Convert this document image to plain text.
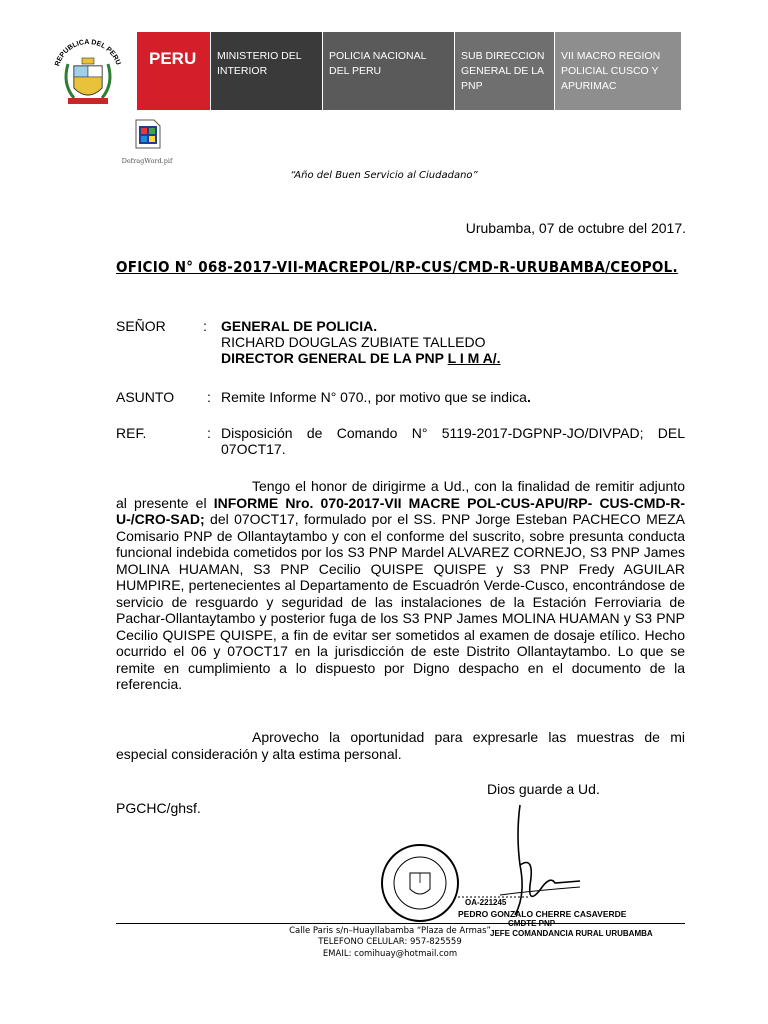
REPUBLICA DEL PERU	PERU	MINISTERIO DEL INTERIOR
POLICIA NACIONAL DEL PERU
SUB DIRECCION GENERAL DE LA PNP
VII MACRO REGION POLICIAL CUSCO Y APURIMAC
DefragWord.pif
“Año del Buen Servicio al Ciudadano”
Urubamba, 07 de octubre del 2017.
OFICIO N° 068-2017-VII-MACREPOL/RP-CUS/CMD-R-URUBAMBA/CEOPOL.
SEÑOR	: GENERAL DE POLICIA.
RICHARD DOUGLAS ZUBIATE TALLEDO
DIRECTOR GENERAL DE LA PNP L I M A/.
ASUNTO : Remite Informe N° 070., por motivo que se indica.
REF.	: Disposición de Comando N° 5119-2017-DGPNP-JO/DIVPAD; DEL 07OCT17.
Tengo el honor de dirigirme a Ud., con la finalidad de remitir adjunto al presente el INFORME Nro. 070-2017-VII MACRE POL-CUS-APU/RP- CUS-CMD-R-U-/CRO-SAD; del 07OCT17, formulado por el SS. PNP Jorge Esteban PACHECO MEZA Comisario PNP de Ollantaytambo y con el conforme del suscrito, sobre presunta conducta funcional indebida cometidos por los S3 PNP Mardel ALVAREZ CORNEJO, S3 PNP James MOLINA HUAMAN, S3 PNP Cecilio QUISPE QUISPE y S3 PNP Fredy AGUILAR HUMPIRE, pertenecientes al Departamento de Escuadrón Verde-Cusco, encontrándose de servicio de resguardo y seguridad de las instalaciones de la Estación Ferroviaria de Pachar-Ollantaytambo y posterior fuga de los S3 PNP James MOLINA HUAMAN y S3 PNP Cecilio QUISPE QUISPE, a fin de evitar ser sometidos al examen de dosaje etílico. Hecho ocurrido el 06 y 07OCT17 en la jurisdicción de este Distrito Ollantaytambo. Lo que se remite en cumplimiento a lo dispuesto por Digno despacho en el documento de la referencia.
Aprovecho la oportunidad para expresarle las muestras de mi especial consideración y alta estima personal.
Dios guarde a Ud.
PGCHC/ghsf.
OA-221245
PEDRO GONZALO CHERRE CASAVERDE
CMDTE PNP
JEFE COMANDANCIA RURAL URUBAMBA
Calle Paris s/n–Huayllabamba “Plaza de Armas”
TELEFONO CELULAR: 957-825559
EMAIL: comihuay@hotmail.com
